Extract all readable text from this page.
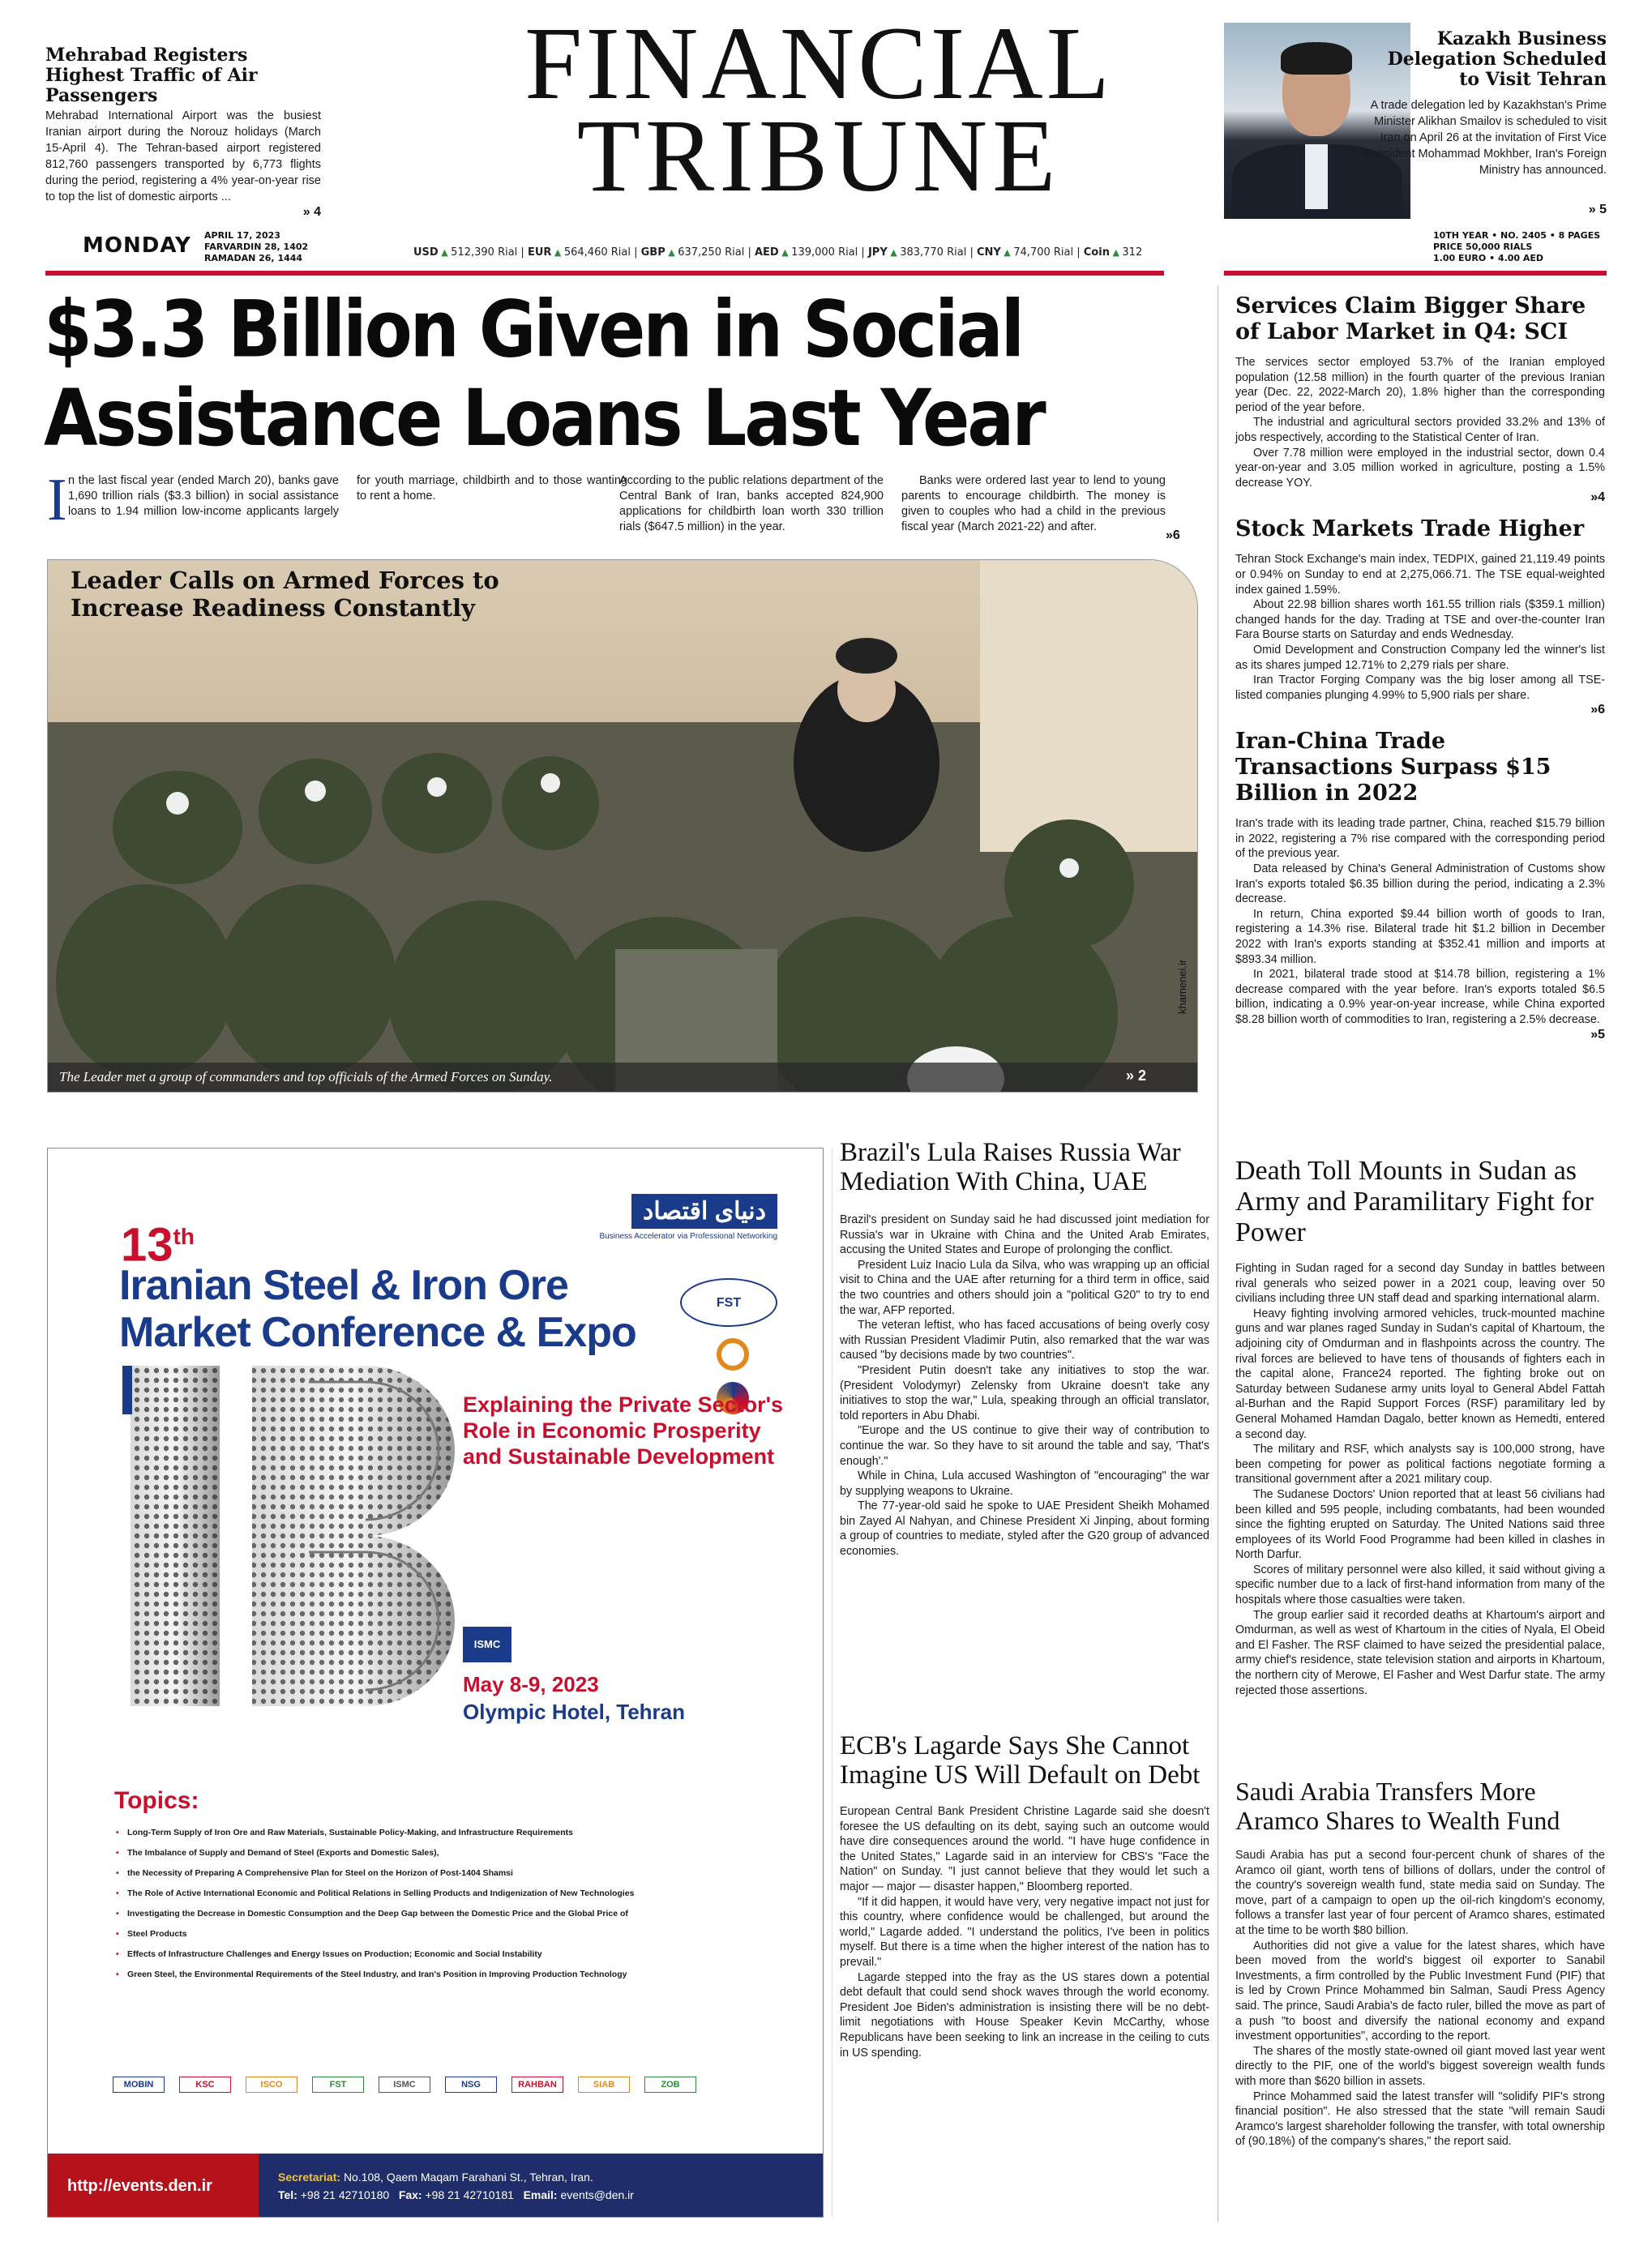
FINANCIAL
TRIBUNE
Mehrabad Registers Highest Traffic of Air Passengers
Mehrabad International Airport was the busiest Iranian airport during the Norouz holidays (March 15-April 4). The Tehran-based airport registered 812,760 passengers transported by 6,773 flights during the period, registering a 4% year-on-year rise to top the list of domestic airports ...
» 4
Kazakh Business Delegation Scheduled to Visit Tehran
A trade delegation led by Kazakhstan's Prime Minister Alikhan Smailov is scheduled to visit Iran on April 26 at the invitation of First Vice President Mohammad Mokhber, Iran's Foreign Ministry has announced.
» 5
MONDAY APRIL 17, 2023
FARVARDIN 28, 1402
RAMADAN 26, 1444	USD ▲ 512,390 Rial | EUR ▲ 564,460 Rial | GBP ▲ 637,250 Rial | AED ▲ 139,000 Rial | JPY ▲ 383,770 Rial | CNY ▲ 74,700 Rial | Coin ▲ 312
10TH YEAR • NO. 2405 • 8 PAGES
PRICE 50,000 RIALS
1.00 EURO • 4.00 AED
$3.3 Billion Given in Social Assistance Loans Last Year
I n the last fiscal year (ended March 20), banks gave 1,690 trillion rials ($3.3 billion) in social assistance loans to 1.94 million low-income applicants largely for youth marriage, childbirth and to those wanting to rent a home.

According to the public relations department of the Central Bank of Iran, banks accepted 824,900 applications for childbirth loan worth 330 trillion rials ($647.5 million) in the year.

Banks were ordered last year to lend to young parents to encourage childbirth. The money is given to couples who had a child in the previous fiscal year (March 2021-22) and after.

»6
Leader Calls on Armed Forces to Increase Readiness Constantly
The Leader met a group of commanders and top officials of the Armed Forces on Sunday.	» 2
khamenei.ir
Services Claim Bigger Share of Labor Market in Q4: SCI

The services sector employed 53.7% of the Iranian employed population (12.58 million) in the fourth quarter of the previous Iranian year (Dec. 22, 2022-March 20), 1.8% higher than the corresponding period of the year before.

The industrial and agricultural sectors provided 33.2% and 13% of jobs respectively, according to the Statistical Center of Iran.

Over 7.78 million were employed in the industrial sector, down 0.4 year-on-year and 3.05 million worked in agriculture, posting a 1.5% decrease YOY.

»4
Stock Markets Trade Higher

Tehran Stock Exchange's main index, TEDPIX, gained 21,119.49 points or 0.94% on Sunday to end at 2,275,066.71. The TSE equal-weighted index gained 1.59%.

About 22.98 billion shares worth 161.55 trillion rials ($359.1 million) changed hands for the day. Trading at TSE and over-the-counter Iran Fara Bourse starts on Saturday and ends Wednesday.

Omid Development and Construction Company led the winner's list as its shares jumped 12.71% to 2,279 rials per share.

Iran Tractor Forging Company was the big loser among all TSE-listed companies plunging 4.99% to 5,900 rials per share.

»6
Iran-China Trade Transactions Surpass $15 Billion in 2022

Iran's trade with its leading trade partner, China, reached $15.79 billion in 2022, registering a 7% rise compared with the corresponding period of the previous year.

Data released by China's General Administration of Customs show Iran's exports totaled $6.35 billion during the period, indicating a 2.3% decrease.

In return, China exported $9.44 billion worth of goods to Iran, registering a 14.3% rise. Bilateral trade hit $1.2 billion in December 2022 with Iran's exports standing at $352.41 million and imports at $893.34 million.

In 2021, bilateral trade stood at $14.78 billion, registering a 1% decrease compared with the year before. Iran's exports totaled $6.5 billion, indicating a 0.9% year-on-year increase, while China exported $8.28 billion worth of commodities to Iran, registering a 2.5% decrease.

»5
Death Toll Mounts in Sudan as Army and Paramilitary Fight for Power

Fighting in Sudan raged for a second day Sunday in battles between rival generals who seized power in a 2021 coup, leaving over 50 civilians including three UN staff dead and sparking international alarm.

Heavy fighting involving armored vehicles, truck-mounted machine guns and war planes raged Sunday in Sudan's capital of Khartoum, the adjoining city of Omdurman and in flashpoints across the country. The rival forces are believed to have tens of thousands of fighters each in the capital alone, France24 reported. The fighting broke out on Saturday between Sudanese army units loyal to General Abdel Fattah al-Burhan and the Rapid Support Forces (RSF) paramilitary led by General Mohamed Hamdan Dagalo, better known as Hemedti, entered a second day.

The military and RSF, which analysts say is 100,000 strong, have been competing for power as political factions negotiate forming a transitional government after a 2021 military coup.

The Sudanese Doctors' Union reported that at least 56 civilians had been killed and 595 people, including combatants, had been wounded since the fighting erupted on Saturday. The United Nations said three employees of its World Food Programme had been killed in clashes in North Darfur.

Scores of military personnel were also killed, it said without giving a specific number due to a lack of first-hand information from many of the hospitals where those casualties were taken.

The group earlier said it recorded deaths at Khartoum's airport and Omdurman, as well as west of Khartoum in the cities of Nyala, El Obeid and El Fasher. The RSF claimed to have seized the presidential palace, army chief's residence, state television station and airports in Khartoum, the northern city of Merowe, El Fasher and West Darfur state. The army rejected those assertions.

Saudi Arabia Transfers More Aramco Shares to Wealth Fund

Saudi Arabia has put a second four-percent chunk of shares of the Aramco oil giant, worth tens of billions of dollars, under the control of the country's sovereign wealth fund, state media said on Sunday. The move, part of a campaign to open up the oil-rich kingdom's economy, follows a transfer last year of four percent of Aramco shares, estimated at the time to be worth $80 billion.

Authorities did not give a value for the latest shares, which have been moved from the world's biggest oil exporter to Sanabil Investments, a firm controlled by the Public Investment Fund (PIF) that is led by Crown Prince Mohammed bin Salman, Saudi Press Agency said. The prince, Saudi Arabia's de facto ruler, billed the move as part of a push "to boost and diversify the national economy and expand investment opportunities", according to the report.

The shares of the mostly state-owned oil giant moved last year went directly to the PIF, one of the world's biggest sovereign wealth funds with more than $620 billion in assets.

Prince Mohammed said the latest transfer will "solidify PIF's strong financial position". He also stressed that the state "will remain Saudi Aramco's largest shareholder following the transfer, with total ownership of (90.18%) of the company's shares," the report said.

Brazil's Lula Raises Russia War Mediation With China, UAE

Brazil's president on Sunday said he had discussed joint mediation for Russia's war in Ukraine with China and the United Arab Emirates, accusing the United States and Europe of prolonging the conflict.

President Luiz Inacio Lula da Silva, who was wrapping up an official visit to China and the UAE after returning for a third term in office, said the two countries and others should join a "political G20" to try to end the war, AFP reported.

The veteran leftist, who has faced accusations of being overly cosy with Russian President Vladimir Putin, also remarked that the war was caused "by decisions made by two countries".

"President Putin doesn't take any initiatives to stop the war. (President Volodymyr) Zelensky from Ukraine doesn't take any initiatives to stop the war," Lula, speaking through an official translator, told reporters in Abu Dhabi.

"Europe and the US continue to give their way of contribution to continue the war. So they have to sit around the table and say, 'That's enough'."

While in China, Lula accused Washington of "encouraging" the war by supplying weapons to Ukraine.

The 77-year-old said he spoke to UAE President Sheikh Mohamed bin Zayed Al Nahyan, and Chinese President Xi Jinping, about forming a group of countries to mediate, styled after the G20 group of advanced economies.

ECB's Lagarde Says She Cannot Imagine US Will Default on Debt

European Central Bank President Christine Lagarde said she doesn't foresee the US defaulting on its debt, saying such an outcome would have dire consequences around the world. "I have huge confidence in the United States," Lagarde said in an interview for CBS's "Face the Nation" on Sunday. "I just cannot believe that they would let such a major — major — disaster happen," Bloomberg reported.

"If it did happen, it would have very, very negative impact not just for this country, where confidence would be challenged, but around the world," Lagarde added. "I understand the politics, I've been in politics myself. But there is a time when the higher interest of the nation has to prevail."

Lagarde stepped into the fray as the US stares down a potential debt default that could send shock waves through the world economy. President Joe Biden's administration is insisting there will be no debt-limit negotiations with House Speaker Kevin McCarthy, whose Republicans have been seeking to link an increase in the ceiling to cuts in US spending.

13th
Iranian Steel & Iron Ore
Market Conference & Expo
دنیای اقتصاد
Business Accelerator via Professional Networking
FST
Explaining the Private Sector's Role in Economic Prosperity and Sustainable Development
ISMC
May 8-9, 2023
Olympic Hotel, Tehran
Topics:
• Long-Term Supply of Iron Ore and Raw Materials, Sustainable Policy-Making, and Infrastructure Requirements
• The Imbalance of Supply and Demand of Steel (Exports and Domestic Sales),
• the Necessity of Preparing A Comprehensive Plan for Steel on the Horizon of Post-1404 Shamsi
• The Role of Active International Economic and Political Relations in Selling Products and Indigenization of New Technologies
• Investigating the Decrease in Domestic Consumption and the Deep Gap between the Domestic Price and the Global Price of
• Steel Products
• Effects of Infrastructure Challenges and Energy Issues on Production; Economic and Social Instability
• Green Steel, the Environmental Requirements of the Steel Industry, and Iran's Position in Improving Production Technology
MOBIN	KSC	ISCO	FST	ISMC	NSG	RAHBAN	SIAB	ZOB
http://events.den.ir	Secretariat: No.108, Qaem Maqam Farahani St., Tehran, Iran.
Tel: +98 21 42710180 Fax: +98 21 42710181 Email: events@den.ir
